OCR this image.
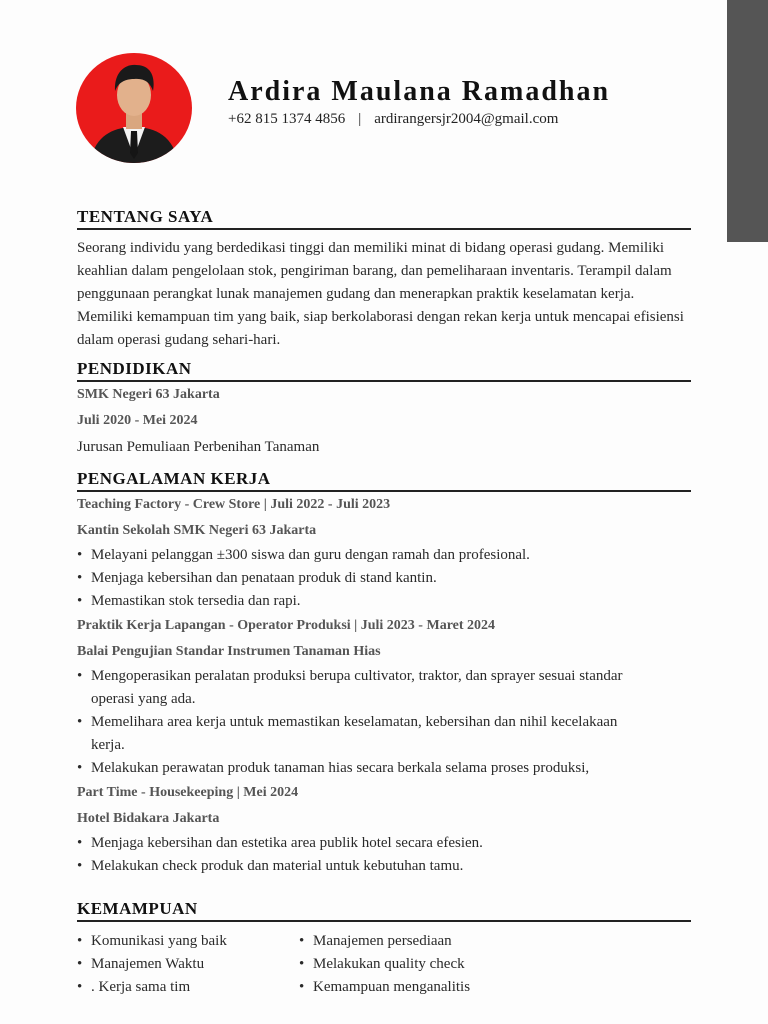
Ardira Maulana Ramadhan
+62 815 1374 4856 | ardirangersjr2004@gmail.com
TENTANG SAYA
Seorang individu yang berdedikasi tinggi dan memiliki minat di bidang operasi gudang. Memiliki keahlian dalam pengelolaan stok, pengiriman barang, dan pemeliharaan inventaris. Terampil dalam penggunaan perangkat lunak manajemen gudang dan menerapkan praktik keselamatan kerja. Memiliki kemampuan tim yang baik, siap berkolaborasi dengan rekan kerja untuk mencapai efisiensi dalam operasi gudang sehari-hari.
PENDIDIKAN
SMK Negeri 63 Jakarta
Juli 2020 - Mei 2024
Jurusan Pemuliaan Perbenihan Tanaman
PENGALAMAN KERJA
Teaching Factory - Crew Store | Juli 2022 - Juli 2023
Kantin Sekolah SMK Negeri 63 Jakarta
• Melayani pelanggan ±300 siswa dan guru dengan ramah dan profesional.
• Menjaga kebersihan dan penataan produk di stand kantin.
• Memastikan stok tersedia dan rapi.
Praktik Kerja Lapangan - Operator Produksi | Juli 2023 - Maret 2024
Balai Pengujian Standar Instrumen Tanaman Hias
• Mengoperasikan peralatan produksi berupa cultivator, traktor, dan sprayer sesuai standar operasi yang ada.
• Memelihara area kerja untuk memastikan keselamatan, kebersihan dan nihil kecelakaan kerja.
• Melakukan perawatan produk tanaman hias secara berkala selama proses produksi,
Part Time - Housekeeping | Mei 2024
Hotel Bidakara Jakarta
• Menjaga kebersihan dan estetika area publik hotel secara efesien.
• Melakukan check produk dan material untuk kebutuhan tamu.
KEMAMPUAN
• Komunikasi yang baik
• Manajemen Waktu
• . Kerja sama tim
• Manajemen persediaan
• Melakukan quality check
• Kemampuan menganalitis
